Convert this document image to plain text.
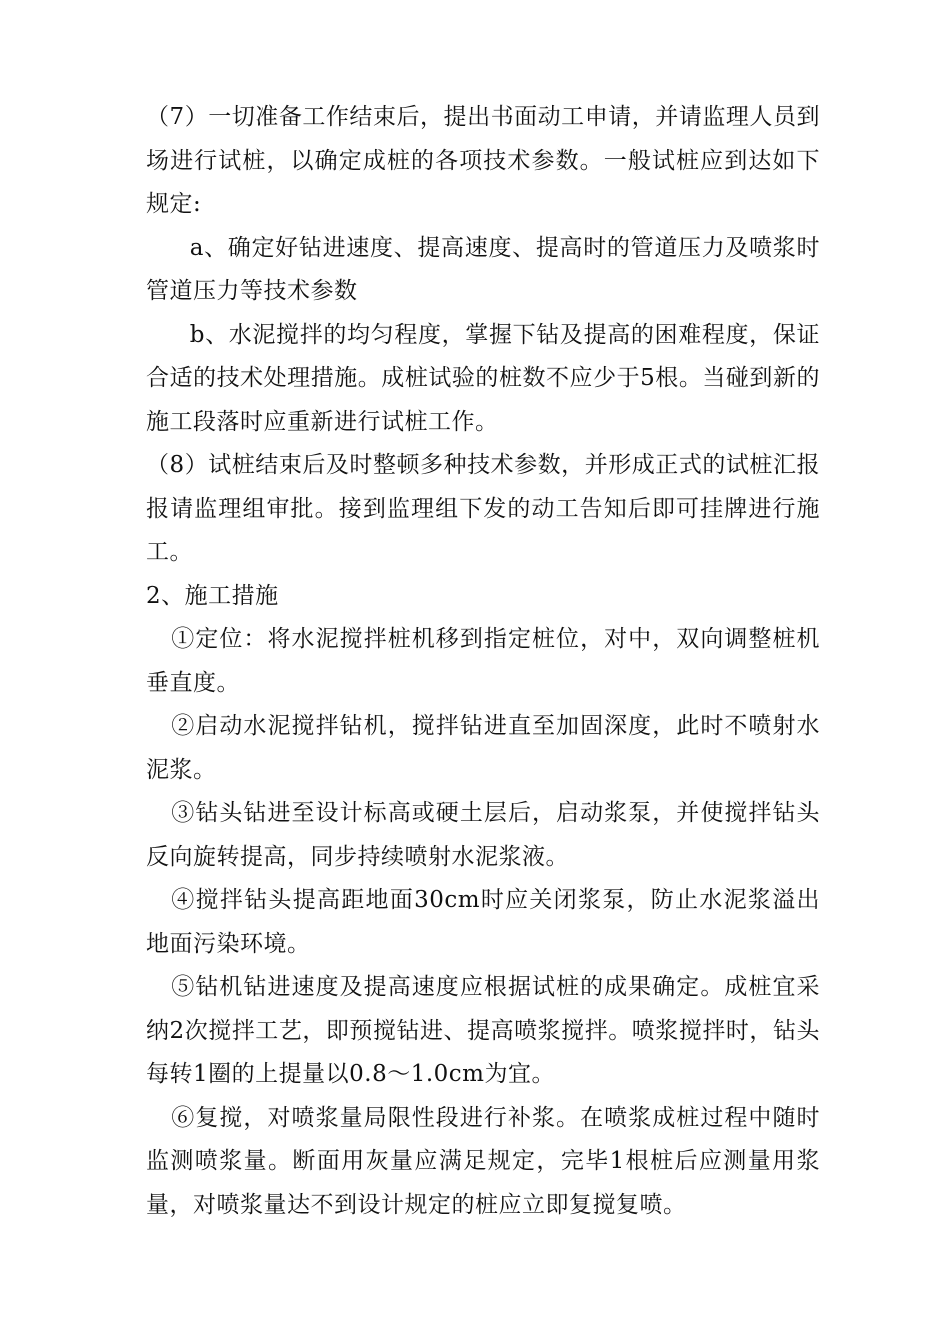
（7）一切准备工作结束后，提出书面动工申请，并请监理人员到场进行试桩，以确定成桩的各项技术参数。一般试桩应到达如下规定:

a、确定好钻进速度、提高速度、提高时的管道压力及喷浆时管道压力等技术参数

b、水泥搅拌的均匀程度，掌握下钻及提高的困难程度，保证合适的技术处理措施。成桩试验的桩数不应少于5根。当碰到新的施工段落时应重新进行试桩工作。

（8）试桩结束后及时整顿多种技术参数，并形成正式的试桩汇报报请监理组审批。接到监理组下发的动工告知后即可挂牌进行施工。

2、施工措施

①定位：将水泥搅拌桩机移到指定桩位，对中，双向调整桩机垂直度。

②启动水泥搅拌钻机，搅拌钻进直至加固深度，此时不喷射水泥浆。

③钻头钻进至设计标高或硬土层后，启动浆泵，并使搅拌钻头反向旋转提高，同步持续喷射水泥浆液。

④搅拌钻头提高距地面30cm时应关闭浆泵，防止水泥浆溢出地面污染环境。

⑤钻机钻进速度及提高速度应根据试桩的成果确定。成桩宜采纳2次搅拌工艺，即预搅钻进、提高喷浆搅拌。喷浆搅拌时，钻头每转1圈的上提量以0.8～1.0cm为宜。

⑥复搅，对喷浆量局限性段进行补浆。在喷浆成桩过程中随时监测喷浆量。断面用灰量应满足规定，完毕1根桩后应测量用浆量，对喷浆量达不到设计规定的桩应立即复搅复喷。
